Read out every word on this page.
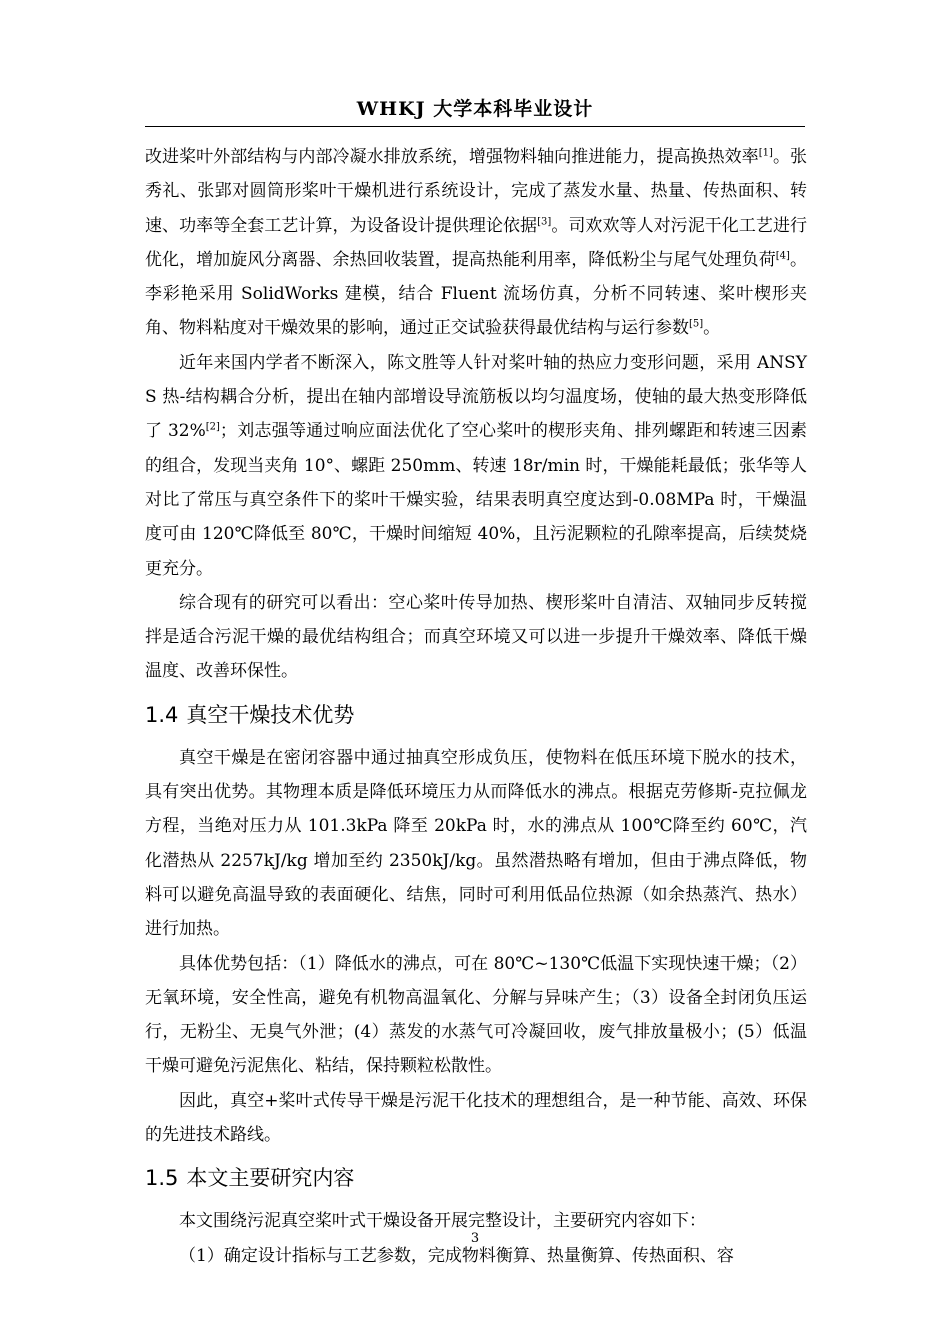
WHKJ 大学本科毕业设计

改进桨叶外部结构与内部冷凝水排放系统，增强物料轴向推进能力，提高换热效率[1]。张秀礼、张郢对圆筒形桨叶干燥机进行系统设计，完成了蒸发水量、热量、传热面积、转速、功率等全套工艺计算，为设备设计提供理论依据[3]。司欢欢等人对污泥干化工艺进行优化，增加旋风分离器、余热回收装置，提高热能利用率，降低粉尘与尾气处理负荷[4]。李彩艳采用 SolidWorks 建模，结合 Fluent 流场仿真，分析不同转速、桨叶楔形夹角、物料粘度对干燥效果的影响，通过正交试验获得最优结构与运行参数[5]。

近年来国内学者不断深入，陈文胜等人针对桨叶轴的热应力变形问题，采用 ANSYS 热-结构耦合分析，提出在轴内部增设导流筋板以均匀温度场，使轴的最大热变形降低了 32%[2]；刘志强等通过响应面法优化了空心桨叶的楔形夹角、排列螺距和转速三因素的组合，发现当夹角 10°、螺距 250mm、转速 18r/min 时，干燥能耗最低；张华等人对比了常压与真空条件下的桨叶干燥实验，结果表明真空度达到-0.08MPa 时，干燥温度可由 120℃降低至 80℃，干燥时间缩短 40%，且污泥颗粒的孔隙率提高，后续焚烧更充分。

综合现有的研究可以看出：空心桨叶传导加热、楔形桨叶自清洁、双轴同步反转搅拌是适合污泥干燥的最优结构组合；而真空环境又可以进一步提升干燥效率、降低干燥温度、改善环保性。

1.4 真空干燥技术优势

真空干燥是在密闭容器中通过抽真空形成负压，使物料在低压环境下脱水的技术，具有突出优势。其物理本质是降低环境压力从而降低水的沸点。根据克劳修斯-克拉佩龙方程，当绝对压力从 101.3kPa 降至 20kPa 时，水的沸点从 100℃降至约 60℃，汽化潜热从 2257kJ/kg 增加至约 2350kJ/kg。虽然潜热略有增加，但由于沸点降低，物料可以避免高温导致的表面硬化、结焦，同时可利用低品位热源（如余热蒸汽、热水）进行加热。

具体优势包括：（1）降低水的沸点，可在 80℃~130℃低温下实现快速干燥；（2）无氧环境，安全性高，避免有机物高温氧化、分解与异味产生；（3）设备全封闭负压运行，无粉尘、无臭气外泄；(4）蒸发的水蒸气可冷凝回收，废气排放量极小；(5）低温干燥可避免污泥焦化、粘结，保持颗粒松散性。

因此，真空+桨叶式传导干燥是污泥干化技术的理想组合，是一种节能、高效、环保的先进技术路线。

1.5 本文主要研究内容

本文围绕污泥真空桨叶式干燥设备开展完整设计，主要研究内容如下：

（1）确定设计指标与工艺参数，完成物料衡算、热量衡算、传热面积、容

3
